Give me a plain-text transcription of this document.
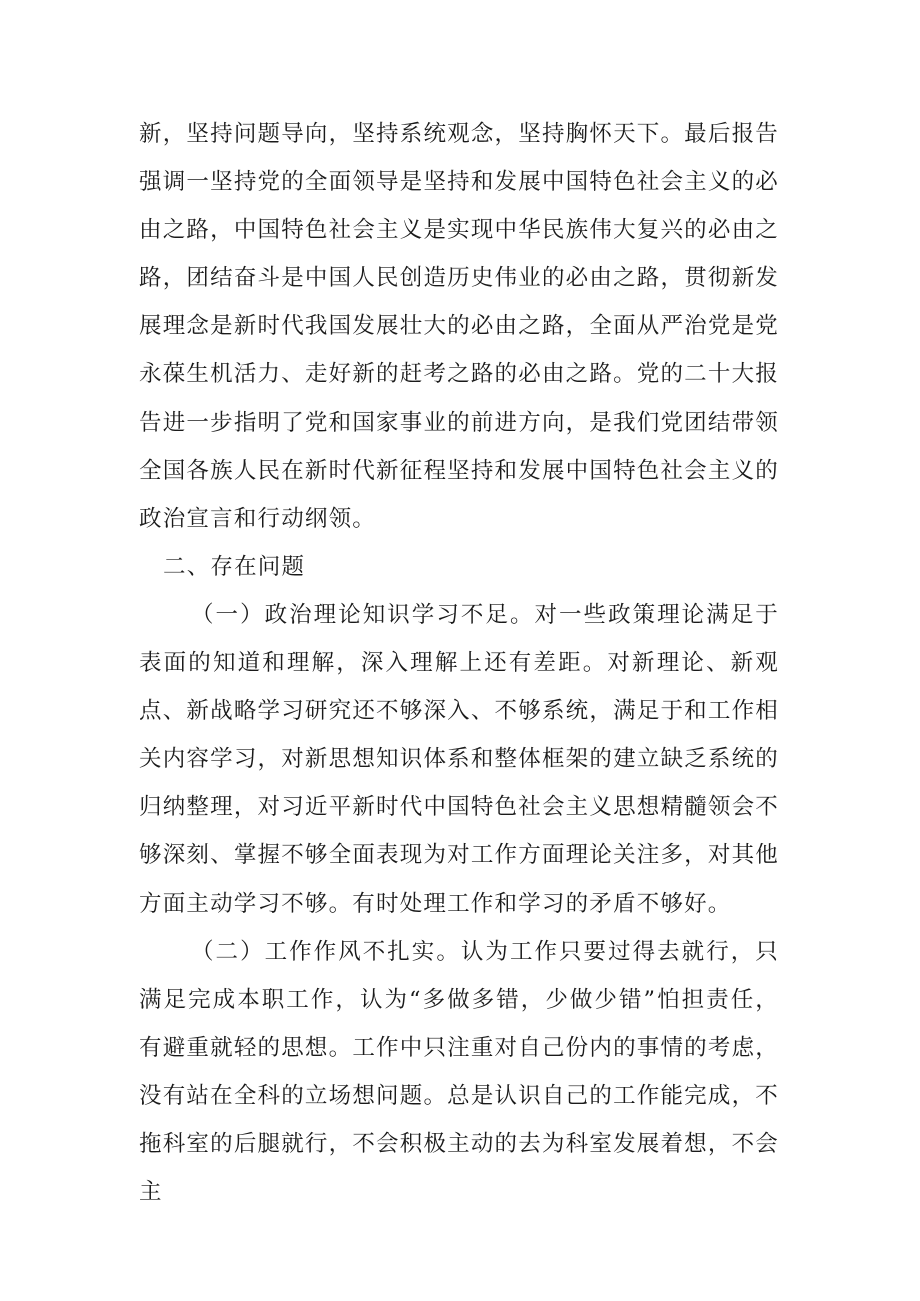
新，坚持问题导向，坚持系统观念，坚持胸怀天下。最后报告强调一坚持党的全面领导是坚持和发展中国特色社会主义的必由之路，中国特色社会主义是实现中华民族伟大复兴的必由之路，团结奋斗是中国人民创造历史伟业的必由之路，贯彻新发展理念是新时代我国发展壮大的必由之路，全面从严治党是党永葆生机活力、走好新的赶考之路的必由之路。党的二十大报告进一步指明了党和国家事业的前进方向，是我们党团结带领全国各族人民在新时代新征程坚持和发展中国特色社会主义的政治宣言和行动纲领。

二、存在问题

（一）政治理论知识学习不足。对一些政策理论满足于表面的知道和理解，深入理解上还有差距。对新理论、新观点、新战略学习研究还不够深入、不够系统，满足于和工作相关内容学习，对新思想知识体系和整体框架的建立缺乏系统的归纳整理，对习近平新时代中国特色社会主义思想精髓领会不够深刻、掌握不够全面表现为对工作方面理论关注多，对其他方面主动学习不够。有时处理工作和学习的矛盾不够好。

（二）工作作风不扎实。认为工作只要过得去就行，只满足完成本职工作，认为“多做多错，少做少错”怕担责任，有避重就轻的思想。工作中只注重对自己份内的事情的考虑，没有站在全科的立场想问题。总是认识自己的工作能完成，不拖科室的后腿就行，不会积极主动的去为科室发展着想，不会主
